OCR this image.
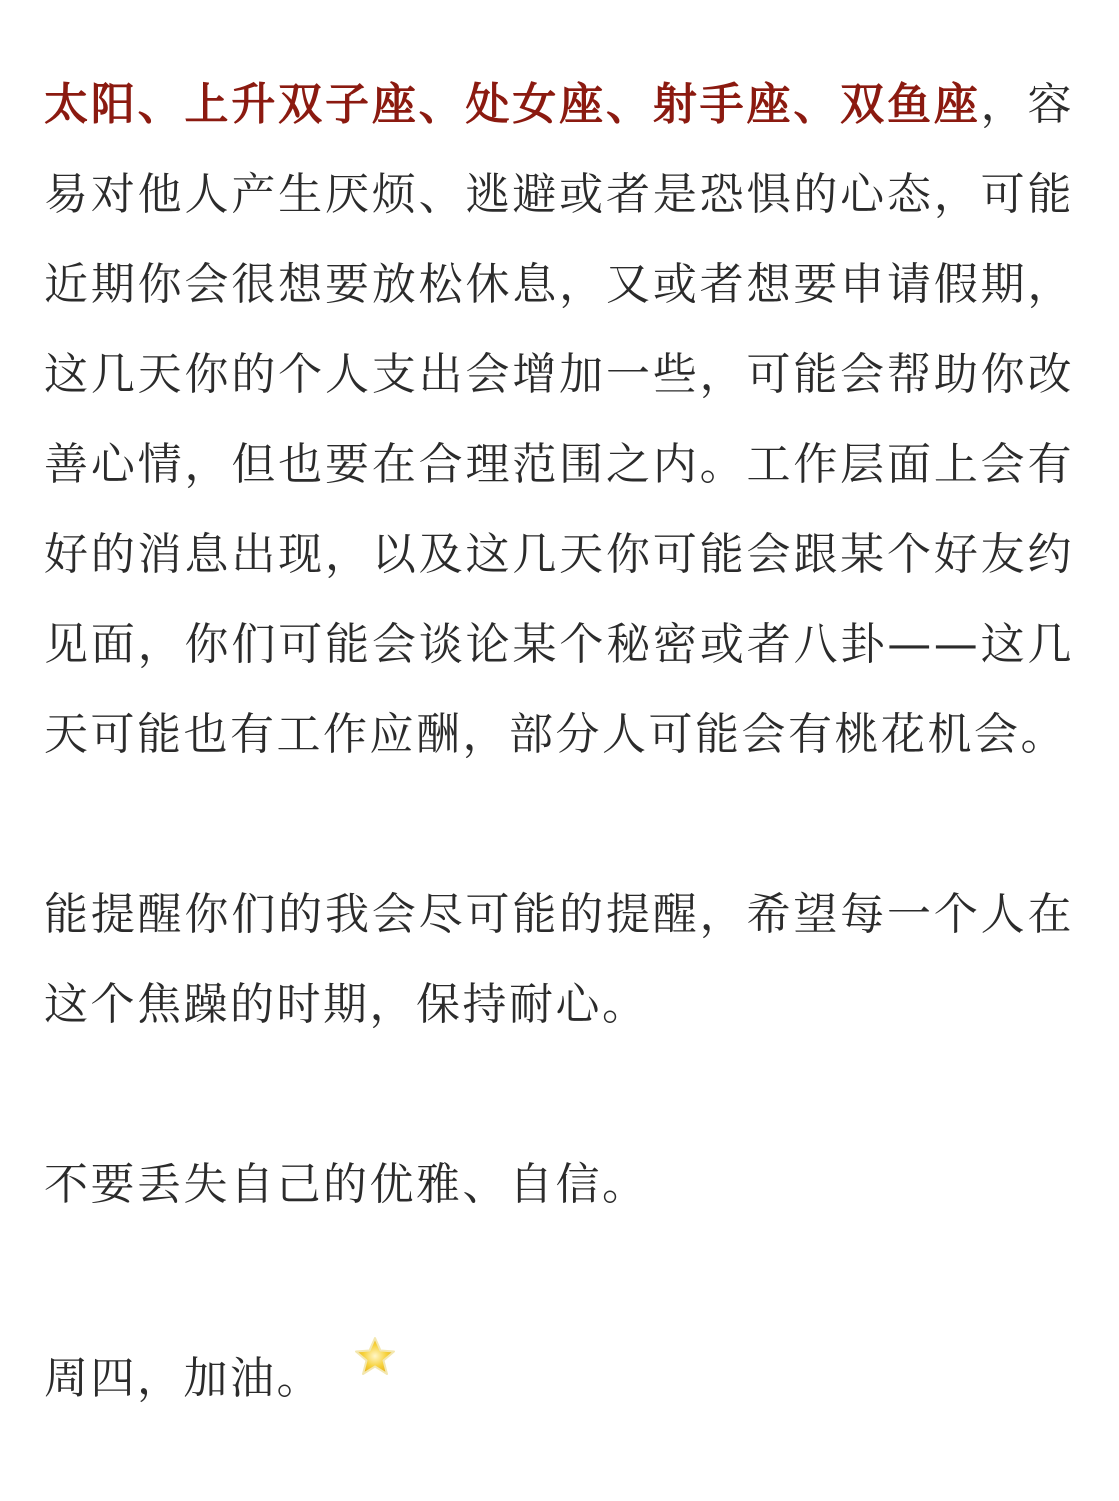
太阳、上升双子座、处女座、射手座、双鱼座，容易对他人产生厌烦、逃避或者是恐惧的心态，可能近期你会很想要放松休息，又或者想要申请假期，这几天你的个人支出会增加一些，可能会帮助你改善心情，但也要在合理范围之内。工作层面上会有好的消息出现，以及这几天你可能会跟某个好友约见面，你们可能会谈论某个秘密或者八卦——这几天可能也有工作应酬，部分人可能会有桃花机会。

能提醒你们的我会尽可能的提醒，希望每一个人在这个焦躁的时期，保持耐心。

不要丢失自己的优雅、自信。

周四，加油。
